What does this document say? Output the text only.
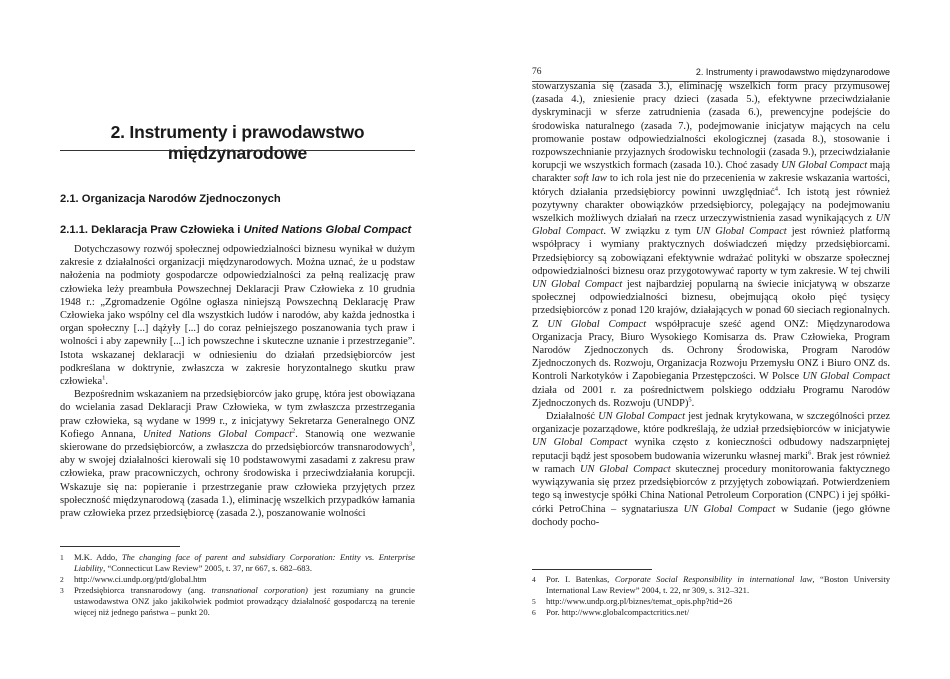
2. Instrumenty i prawodawstwo międzynarodowe
2.1. Organizacja Narodów Zjednoczonych
2.1.1. Deklaracja Praw Człowieka i United Nations Global Compact

Dotychczasowy rozwój społecznej odpowiedzialności biznesu wynikał w dużym zakresie z działalności organizacji międzynarodowych. Można uznać, że u podstaw nałożenia na podmioty gospodarcze odpowiedzialności za pełną realizację praw człowieka leży preambuła Powszechnej Deklaracji Praw Człowieka z 10 grudnia 1948 r.: „Zgromadzenie Ogólne ogłasza niniejszą Powszechną Deklarację Praw Człowieka jako wspólny cel dla wszystkich ludów i narodów, aby każda jednostka i organ społeczny [...] dążyły [...] do coraz pełniejszego poszanowania tych praw i wolności i aby zapewniły [...] ich powszechne i skuteczne uznanie i przestrzeganie”. Istota wskazanej deklaracji w odniesieniu do działań przedsiębiorców jest podkreślana w doktrynie, zwłaszcza w zakresie horyzontalnego skutku praw człowieka$^1$.

Bezpośrednim wskazaniem na przedsiębiorców jako grupę, która jest obowiązana do wcielania zasad Deklaracji Praw Człowieka, w tym zwłaszcza przestrzegania praw człowieka, są wydane w 1999 r., z inicjatywy Sekretarza Generalnego ONZ Kofiego Annana, United Nations Global Compact$^2$. Stanowią one wezwanie skierowane do przedsiębiorców, a zwłaszcza do przedsiębiorców transnarodowych$^3$, aby w swojej działalności kierowali się 10 podstawowymi zasadami z zakresu praw człowieka, praw pracowniczych, ochrony środowiska i przeciwdziałania korupcji. Wskazuje się na: popieranie i przestrzeganie praw człowieka przyjętych przez społeczność międzynarodową (zasada 1.), eliminację wszelkich przypadków łamania praw człowieka przez przedsiębiorcę (zasada 2.), poszanowanie wolności

1	M.K. Addo, The changing face of parent and subsidiary Corporation: Entity vs. Enterprise Liability, “Connecticut Law Review” 2005, t. 37, nr 667, s. 682–683.
2	http://www.ci.undp.org/ptd/global.htm
3	Przedsiębiorca transnarodowy (ang. transnational corporation) jest rozumiany na gruncie ustawodawstwa ONZ jako jakikolwiek podmiot prowadzący działalność gospodarczą na terenie więcej niż jednego państwa – punkt 20.
76	2. Instrumenty i prawodawstwo międzynarodowe

stowarzyszania się (zasada 3.), eliminację wszelkich form pracy przymusowej (zasada 4.), zniesienie pracy dzieci (zasada 5.), efektywne przeciwdziałanie dyskryminacji w sferze zatrudnienia (zasada 6.), prewencyjne podejście do środowiska naturalnego (zasada 7.), podejmowanie inicjatyw mających na celu promowanie postaw odpowiedzialności ekologicznej (zasada 8.), stosowanie i rozpowszechnianie przyjaznych środowisku technologii (zasada 9.), przeciwdziałanie korupcji we wszystkich formach (zasada 10.). Choć zasady UN Global Compact mają charakter soft law to ich rola jest nie do przecenienia w zakresie wskazania wartości, których działania przedsiębiorcy powinni uwzględniać$^4$. Ich istotą jest również pozytywny charakter obowiązków przedsiębiorcy, polegający na podejmowaniu wszelkich możliwych działań na rzecz urzeczywistnienia zasad wynikających z UN Global Compact. W związku z tym UN Global Compact jest również platformą współpracy i wymiany praktycznych doświadczeń między przedsiębiorcami. Przedsiębiorcy są zobowiązani efektywnie wdrażać polityki w obszarze społecznej odpowiedzialności biznesu oraz przygotowywać raporty w tym zakresie. W tej chwili UN Global Compact jest najbardziej popularną na świecie inicjatywą w obszarze społecznej odpowiedzialności biznesu, obejmującą około pięć tysięcy przedsiębiorców z ponad 120 krajów, działających w ponad 60 sieciach regionalnych. Z UN Global Compact współpracuje sześć agend ONZ: Międzynarodowa Organizacja Pracy, Biuro Wysokiego Komisarza ds. Praw Człowieka, Program Narodów Zjednoczonych ds. Ochrony Środowiska, Program Narodów Zjednoczonych ds. Rozwoju, Organizacja Rozwoju Przemysłu ONZ i Biuro ONZ ds. Kontroli Narkotyków i Zapobiegania Przestępczości. W Polsce UN Global Compact działa od 2001 r. za pośrednictwem polskiego oddziału Programu Narodów Zjednoczonych ds. Rozwoju (UNDP)$^5$.

Działalność UN Global Compact jest jednak krytykowana, w szczególności przez organizacje pozarządowe, które podkreślają, że udział przedsiębiorców w inicjatywie UN Global Compact wynika często z konieczności odbudowy nadszarpniętej reputacji bądź jest sposobem budowania wizerunku własnej marki$^6$. Brak jest również w ramach UN Global Compact skutecznej procedury monitorowania faktycznego wywiązywania się przez przedsiębiorców z przyjętych zobowiązań. Potwierdzeniem tego są inwestycje spółki China National Petroleum Corporation (CNPC) i jej spółki-córki PetroChina – sygnatariusza UN Global Compact w Sudanie (jego główne dochody pocho-

4	Por. I. Batenkas, Corporate Social Responsibility in international law, “Boston University International Law Review” 2004, t. 22, nr 309, s. 312–321.
5	http://www.undp.org.pl/biznes/temat_opis.php?tid=26
6	Por. http://www.globalcompactcritics.net/
